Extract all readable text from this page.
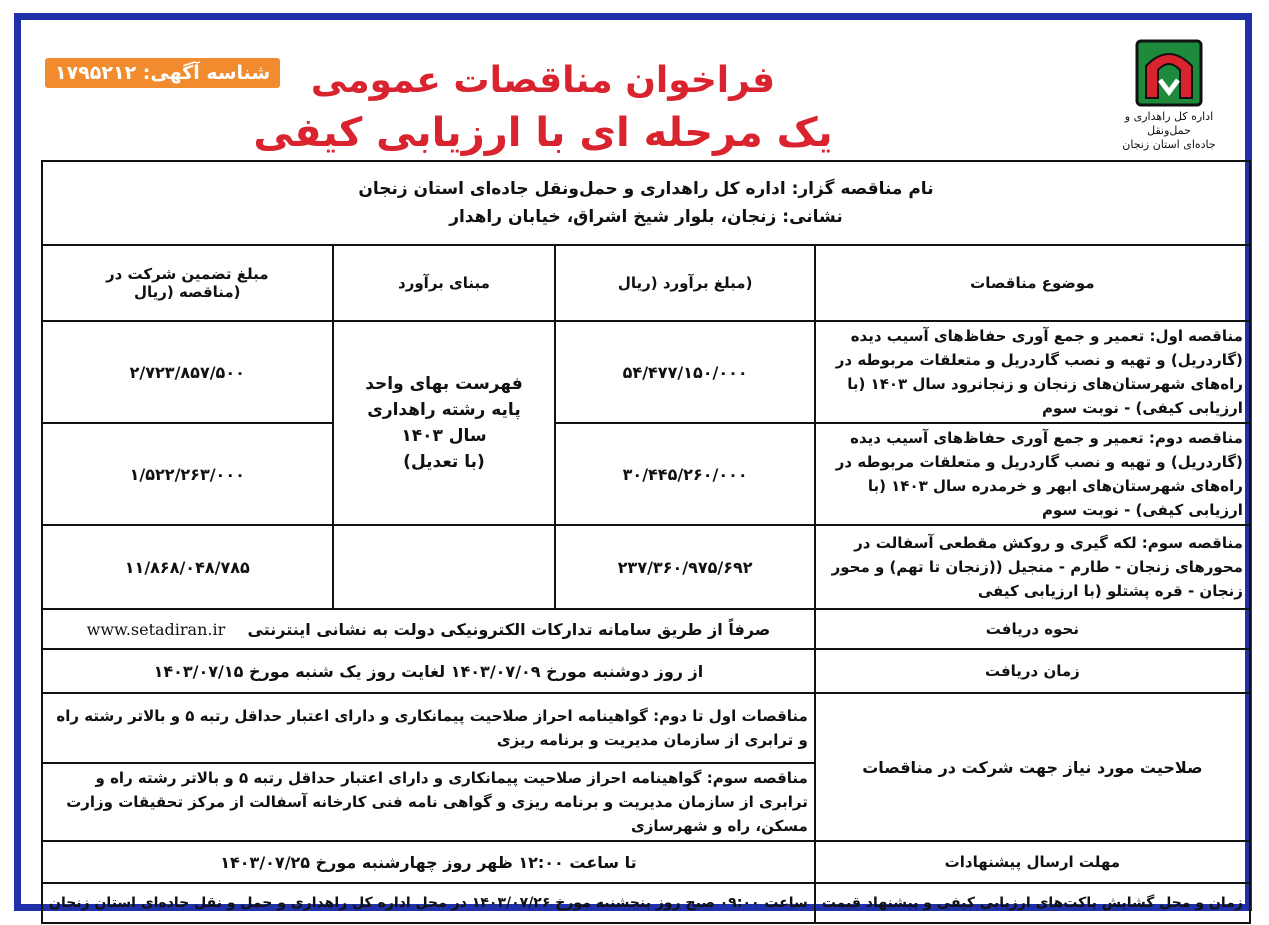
شناسه آگهی: ۱۷۹۵۲۱۲	فراخوان مناقصات عمومی
یک مرحله ای با ارزیابی کیفی	اداره کل راهداری و حمل‌ونقل
جاده‌ای استان زنجان
نام مناقصه گزار: اداره کل راهداری و حمل‌ونقل جاده‌ای استان زنجان
نشانی: زنجان، بلوار شیخ اشراق، خیابان راهدار			

موضوع مناقصات	(مبلغ برآورد (ریال	مبنای برآورد	مبلغ تضمین شرکت در
(مناقصه (ریال

مناقصه اول: تعمیر و جمع آوری حفاظ‌های آسیب دیده (گاردریل) و تهیه و نصب گاردریل و متعلقات مربوطه در راه‌های شهرستان‌های زنجان و زنجانرود سال ۱۴۰۳ (با ارزیابی کیفی) - نوبت سوم	۵۴/۴۷۷/۱۵۰/۰۰۰	فهرست بهای واحد
پایه رشته راهداری
سال ۱۴۰۳
(با تعدیل)	۲/۷۲۳/۸۵۷/۵۰۰
مناقصه دوم: تعمیر و جمع آوری حفاظ‌های آسیب دیده (گاردریل) و تهیه و نصب گاردریل و متعلقات مربوطه در راه‌های شهرستان‌های ابهر و خرمدره سال ۱۴۰۳ (با ارزیابی کیفی) - نوبت سوم	۳۰/۴۴۵/۲۶۰/۰۰۰		۱/۵۲۲/۲۶۳/۰۰۰
مناقصه سوم: لکه گیری و روکش مقطعی آسفالت در محورهای زنجان - طارم - منجیل ((زنجان تا تهم) و محور زنجان - قره پشتلو (با ارزیابی کیفی	۲۳۷/۳۶۰/۹۷۵/۶۹۲		۱۱/۸۶۸/۰۴۸/۷۸۵
نحوه دریافت	صرفاً از طریق سامانه تدارکات الکترونیکی دولت به نشانی اینترنتی    www.setadiran.ir		
زمان دریافت	از روز دوشنبه مورخ ۱۴۰۳/۰۷/۰۹ لغایت روز یک شنبه مورخ ۱۴۰۳/۰۷/۱۵		
صلاحیت مورد نیاز جهت شرکت در مناقصات	مناقصات اول تا دوم: گواهینامه احراز صلاحیت پیمانکاری و دارای اعتبار حداقل رتبه ۵ و بالاتر رشته راه و ترابری از سازمان مدیریت و برنامه ریزی		
	مناقصه سوم: گواهینامه احراز صلاحیت پیمانکاری و دارای اعتبار حداقل رتبه ۵ و بالاتر رشته راه و ترابری از سازمان مدیریت و برنامه ریزی و گواهی نامه فنی کارخانه آسفالت از مرکز تحقیقات وزارت مسکن، راه و شهرسازی		
مهلت ارسال پیشنهادات	تا ساعت ۱۲:۰۰ ظهر روز چهارشنبه مورخ ۱۴۰۳/۰۷/۲۵		
زمان و محل گشایش پاکت‌های ارزیابی کیفی و پیشنهاد قیمت	ساعت ۰۹:۰۰ صبح روز پنجشنبه مورخ ۱۴۰۳/۰۷/۲۶ در محل اداره کل راهداری و حمل و نقل جاده‌ای استان زنجان		
